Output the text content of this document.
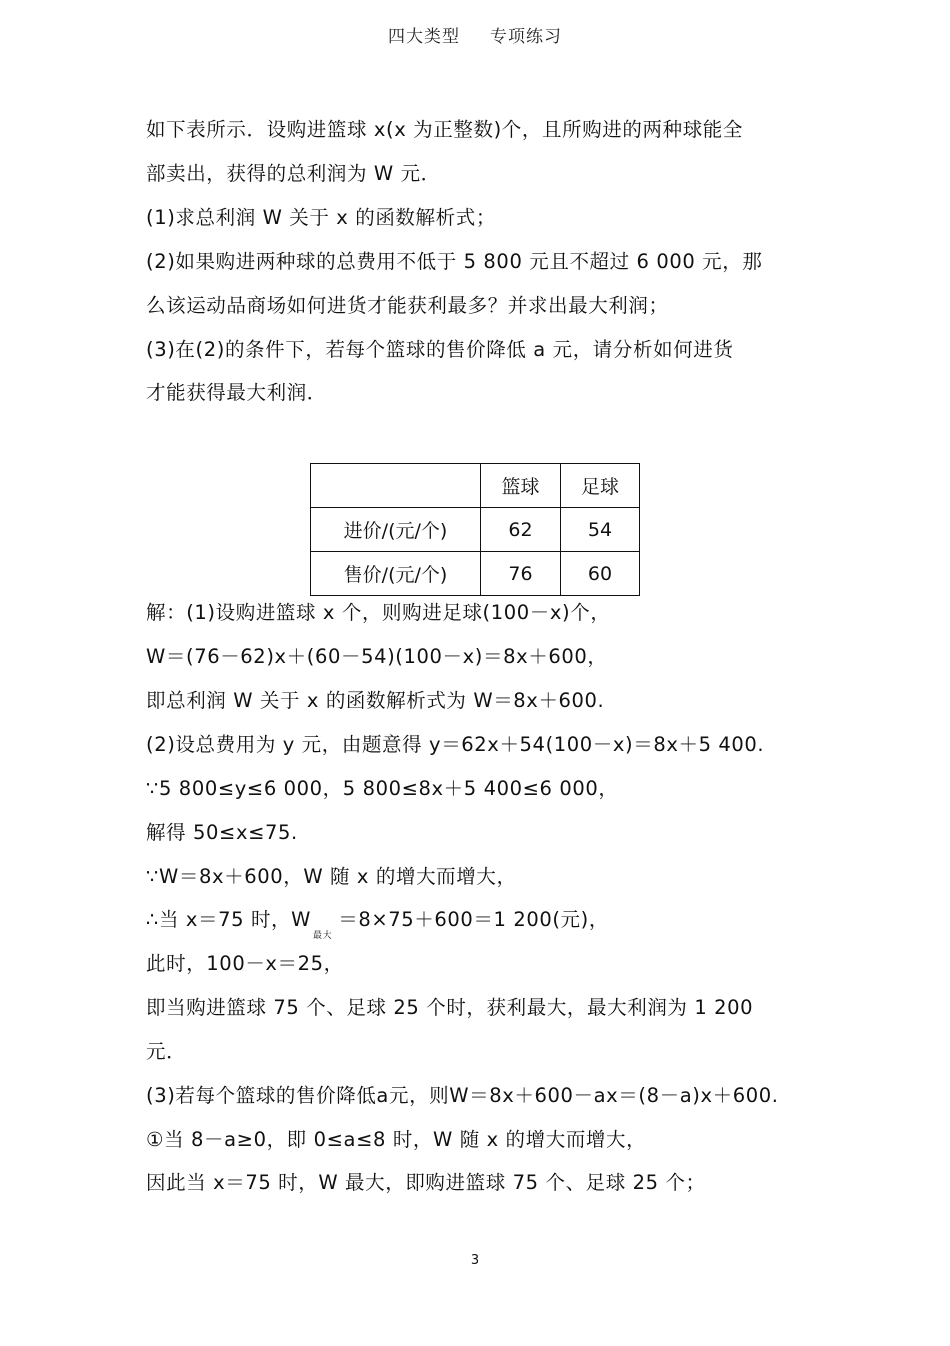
四大类型 专项练习
如下表所示．设购进篮球 x(x 为正整数)个，且所购进的两种球能全
部卖出，获得的总利润为 W 元．
(1)求总利润 W 关于 x 的函数解析式；
(2)如果购进两种球的总费用不低于 5 800 元且不超过 6 000 元，那
么该运动品商场如何进货才能获利最多？并求出最大利润；
(3)在(2)的条件下，若每个篮球的售价降低 a 元，请分析如何进货
才能获得最大利润．
	篮球	足球
进价/(元/个)	62	54
售价/(元/个)	76	60
解：(1)设购进篮球 x 个，则购进足球(100－x)个，
W＝(76－62)x＋(60－54)(100－x)＝8x＋600，
即总利润 W 关于 x 的函数解析式为 W＝8x＋600.
(2)设总费用为 y 元，由题意得 y＝62x＋54(100－x)＝8x＋5 400.
∵5 800≤y≤6 000，5 800≤8x＋5 400≤6 000，
解得 50≤x≤75.
∵W＝8x＋600，W 随 x 的增大而增大，
∴当 x＝75 时，$W_{最大}=8\times 75+600=1$ 200(元)，
此时，100－x＝25，
即当购进篮球 75 个、足球 25 个时，获利最大，最大利润为 1 200
元．
(3)若每个篮球的售价降低a元，则W＝8x＋600－ax＝(8－a)x＋600.
①当 8－a≥0，即 0≤a≤8 时，W 随 x 的增大而增大，
因此当 x＝75 时，W 最大，即购进篮球 75 个、足球 25 个；
3
